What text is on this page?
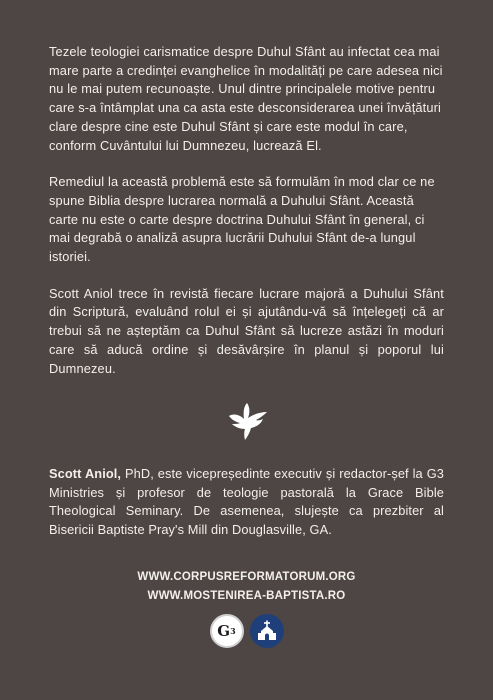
Tezele teologiei carismatice despre Duhul Sfânt au infectat cea mai mare parte a credinței evanghelice în modalități pe care adesea nici nu le mai putem recunoaște. Unul dintre principalele motive pentru care s-a întâmplat una ca asta este desconsiderarea unei învățături clare despre cine este Duhul Sfânt și care este modul în care, conform Cuvântului lui Dumnezeu, lucrează El.

Remediul la această problemă este să formulăm în mod clar ce ne spune Biblia despre lucrarea normală a Duhului Sfânt. Această carte nu este o carte despre doctrina Duhului Sfânt în general, ci mai degrabă o analiză asupra lucrării Duhului Sfânt de-a lungul istoriei.

Scott Aniol trece în revistă fiecare lucrare majoră a Duhului Sfânt din Scriptură, evaluând rolul ei și ajutându-vă să înțelegeți că ar trebui să ne așteptăm ca Duhul Sfânt să lucreze astăzi în moduri care să aducă ordine și desăvârșire în planul și poporul lui Dumnezeu.

Scott Aniol, PhD, este vicepreședinte executiv și redactor-șef la G3 Ministries și profesor de teologie pastorală la Grace Bible Theological Seminary. De asemenea, slujește ca prezbiter al Bisericii Baptiste Pray's Mill din Douglasville, GA.

WWW.CORPUSREFORMATORUM.ORG
WWW.MOSTENIREA-BAPTISTA.RO
G 3
